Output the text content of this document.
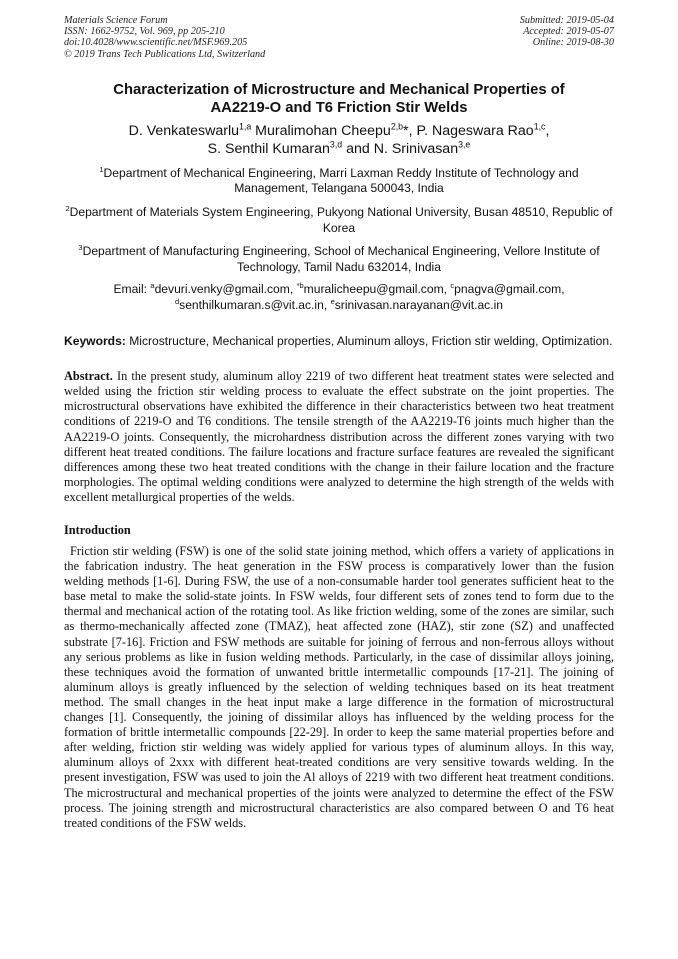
Materials Science Forum
ISSN: 1662-9752, Vol. 969, pp 205-210
doi:10.4028/www.scientific.net/MSF.969.205
© 2019 Trans Tech Publications Ltd, Switzerland
Submitted: 2019-05-04
Accepted: 2019-05-07
Online: 2019-08-30
Characterization of Microstructure and Mechanical Properties of
AA2219-O and T6 Friction Stir Welds
D. Venkateswarlu$^{1,a}$ Muralimohan Cheepu$^{2,b}$*, P. Nageswara Rao$^{1,c}$,
S. Senthil Kumaran$^{3,d}$ and N. Srinivasan$^{3,e}$
$^1$Department of Mechanical Engineering, Marri Laxman Reddy Institute of Technology and Management, Telangana 500043, India
$^2$Department of Materials System Engineering, Pukyong National University, Busan 48510, Republic of Korea
$^3$Department of Manufacturing Engineering, School of Mechanical Engineering, Vellore Institute of Technology, Tamil Nadu 632014, India
Email: $^a$devuri.venky@gmail.com, $^{*b}$muralicheepu@gmail.com, $^c$pnagva@gmail.com,
$^d$senthilkumaran.s@vit.ac.in, $^e$srinivasan.narayanan@vit.ac.in
Keywords: Microstructure, Mechanical properties, Aluminum alloys, Friction stir welding, Optimization.
Abstract. In the present study, aluminum alloy 2219 of two different heat treatment states were selected and welded using the friction stir welding process to evaluate the effect substrate on the joint properties. The microstructural observations have exhibited the difference in their characteristics between two heat treatment conditions of 2219-O and T6 conditions. The tensile strength of the AA2219-T6 joints much higher than the AA2219-O joints. Consequently, the microhardness distribution across the different zones varying with two different heat treated conditions. The failure locations and fracture surface features are revealed the significant differences among these two heat treated conditions with the change in their failure location and the fracture morphologies. The optimal welding conditions were analyzed to determine the high strength of the welds with excellent metallurgical properties of the welds.
Introduction
Friction stir welding (FSW) is one of the solid state joining method, which offers a variety of applications in the fabrication industry. The heat generation in the FSW process is comparatively lower than the fusion welding methods [1-6]. During FSW, the use of a non-consumable harder tool generates sufficient heat to the base metal to make the solid-state joints. In FSW welds, four different sets of zones tend to form due to the thermal and mechanical action of the rotating tool. As like friction welding, some of the zones are similar, such as thermo-mechanically affected zone (TMAZ), heat affected zone (HAZ), stir zone (SZ) and unaffected substrate [7-16]. Friction and FSW methods are suitable for joining of ferrous and non-ferrous alloys without any serious problems as like in fusion welding methods. Particularly, in the case of dissimilar alloys joining, these techniques avoid the formation of unwanted brittle intermetallic compounds [17-21]. The joining of aluminum alloys is greatly influenced by the selection of welding techniques based on its heat treatment method. The small changes in the heat input make a large difference in the formation of microstructural changes [1]. Consequently, the joining of dissimilar alloys has influenced by the welding process for the formation of brittle intermetallic compounds [22-29]. In order to keep the same material properties before and after welding, friction stir welding was widely applied for various types of aluminum alloys. In this way, aluminum alloys of 2xxx with different heat-treated conditions are very sensitive towards welding. In the present investigation, FSW was used to join the Al alloys of 2219 with two different heat treatment conditions. The microstructural and mechanical properties of the joints were analyzed to determine the effect of the FSW process. The joining strength and microstructural characteristics are also compared between O and T6 heat treated conditions of the FSW welds.
